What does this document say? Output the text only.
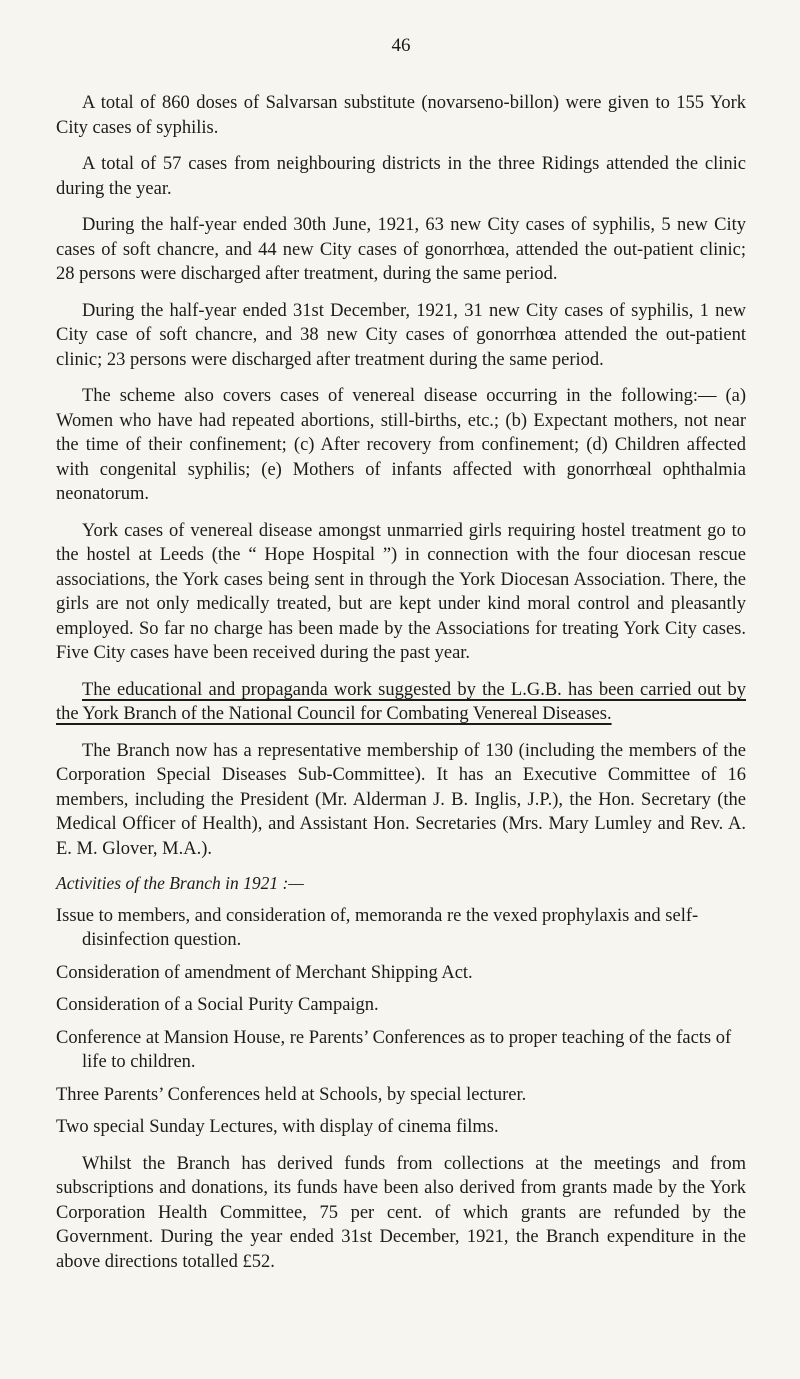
46

A total of 860 doses of Salvarsan substitute (novarseno-billon) were given to 155 York City cases of syphilis.

A total of 57 cases from neighbouring districts in the three Ridings attended the clinic during the year.

During the half-year ended 30th June, 1921, 63 new City cases of syphilis, 5 new City cases of soft chancre, and 44 new City cases of gonorrhœa, attended the out-patient clinic; 28 persons were discharged after treatment, during the same period.

During the half-year ended 31st December, 1921, 31 new City cases of syphilis, 1 new City case of soft chancre, and 38 new City cases of gonorrhœa attended the out-patient clinic; 23 persons were discharged after treatment during the same period.

The scheme also covers cases of venereal disease occurring in the following:— (a) Women who have had repeated abortions, still-births, etc.; (b) Expectant mothers, not near the time of their confinement; (c) After recovery from confinement; (d) Children affected with congenital syphilis; (e) Mothers of infants affected with gonorrhœal ophthalmia neonatorum.

York cases of venereal disease amongst unmarried girls requiring hostel treatment go to the hostel at Leeds (the “ Hope Hospital ”) in connection with the four diocesan rescue associations, the York cases being sent in through the York Diocesan Association. There, the girls are not only medically treated, but are kept under kind moral control and pleasantly employed. So far no charge has been made by the Associations for treating York City cases. Five City cases have been received during the past year.

The educational and propaganda work suggested by the L.G.B. has been carried out by the York Branch of the National Council for Combating Venereal Diseases.

The Branch now has a representative membership of 130 (including the members of the Corporation Special Diseases Sub-Committee). It has an Executive Committee of 16 members, including the President (Mr. Alderman J. B. Inglis, J.P.), the Hon. Secretary (the Medical Officer of Health), and Assistant Hon. Secretaries (Mrs. Mary Lumley and Rev. A. E. M. Glover, M.A.).

Activities of the Branch in 1921 :—

Issue to members, and consideration of, memoranda re the vexed prophylaxis and self-disinfection question.

Consideration of amendment of Merchant Shipping Act.

Consideration of a Social Purity Campaign.

Conference at Mansion House, re Parents’ Conferences as to proper teaching of the facts of life to children.

Three Parents’ Conferences held at Schools, by special lecturer.

Two special Sunday Lectures, with display of cinema films.

Whilst the Branch has derived funds from collections at the meetings and from subscriptions and donations, its funds have been also derived from grants made by the York Corporation Health Committee, 75 per cent. of which grants are refunded by the Government. During the year ended 31st December, 1921, the Branch expenditure in the above directions totalled £52.
